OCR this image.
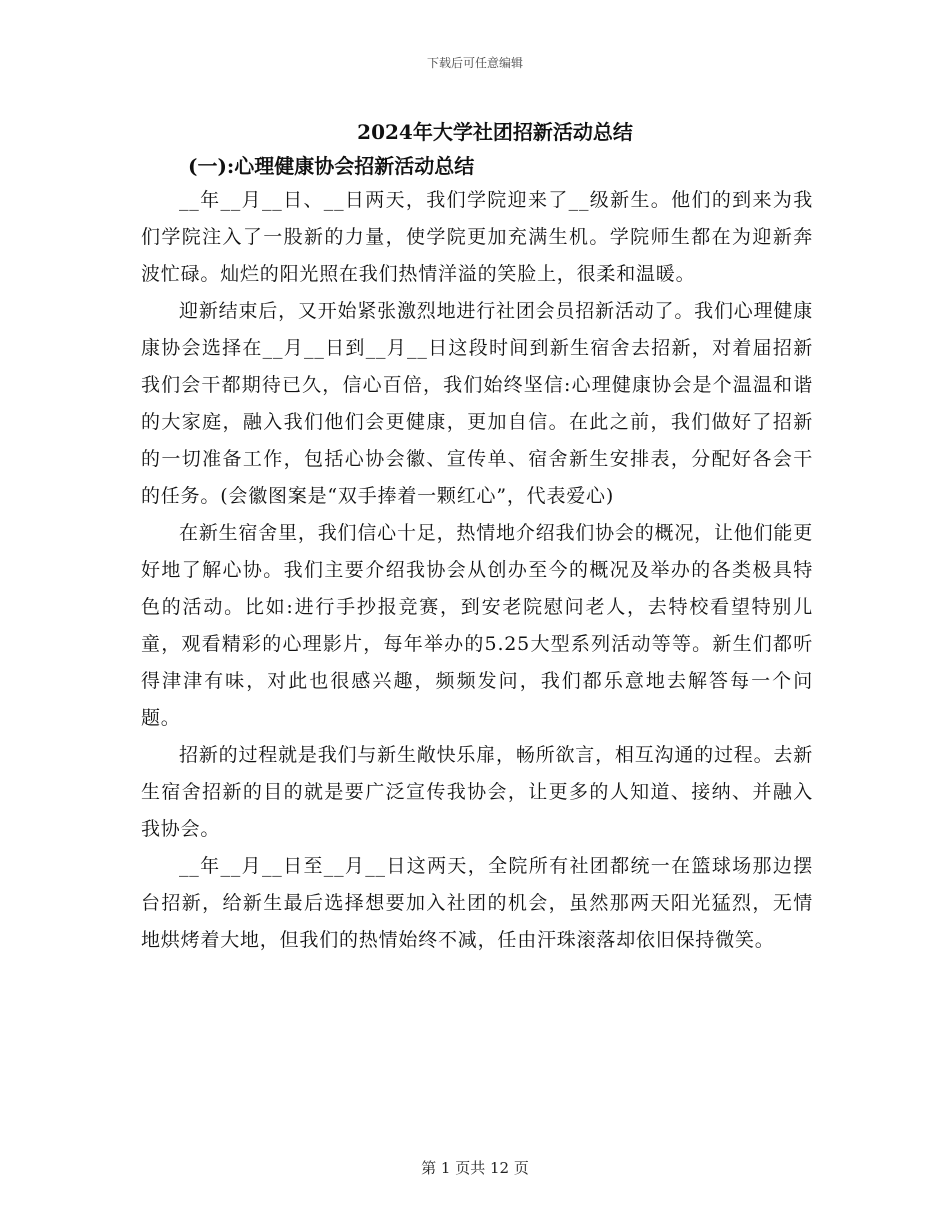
下载后可任意编辑
2024年大学社团招新活动总结
(一):心理健康协会招新活动总结

__年__月__日、__日两天，我们学院迎来了__级新生。他们的到来为我们学院注入了一股新的力量，使学院更加充满生机。学院师生都在为迎新奔波忙碌。灿烂的阳光照在我们热情洋溢的笑脸上，很柔和温暖。

迎新结束后，又开始紧张激烈地进行社团会员招新活动了。我们心理健康康协会选择在__月__日到__月__日这段时间到新生宿舍去招新，对着届招新我们会干都期待已久，信心百倍，我们始终坚信:心理健康协会是个温温和谐的大家庭，融入我们他们会更健康，更加自信。在此之前，我们做好了招新的一切准备工作，包括心协会徽、宣传单、宿舍新生安排表，分配好各会干的任务。(会徽图案是“双手捧着一颗红心”，代表爱心)

在新生宿舍里，我们信心十足，热情地介绍我们协会的概况，让他们能更好地了解心协。我们主要介绍我协会从创办至今的概况及举办的各类极具特色的活动。比如:进行手抄报竞赛，到安老院慰问老人，去特校看望特别儿童，观看精彩的心理影片，每年举办的5.25大型系列活动等等。新生们都听得津津有味，对此也很感兴趣，频频发问，我们都乐意地去解答每一个问题。

招新的过程就是我们与新生敞快乐扉，畅所欲言，相互沟通的过程。去新生宿舍招新的目的就是要广泛宣传我协会，让更多的人知道、接纳、并融入我协会。

__年__月__日至__月__日这两天，全院所有社团都统一在篮球场那边摆台招新，给新生最后选择想要加入社团的机会，虽然那两天阳光猛烈，无情地烘烤着大地，但我们的热情始终不减，任由汗珠滚落却依旧保持微笑。

第 1 页共 12 页
